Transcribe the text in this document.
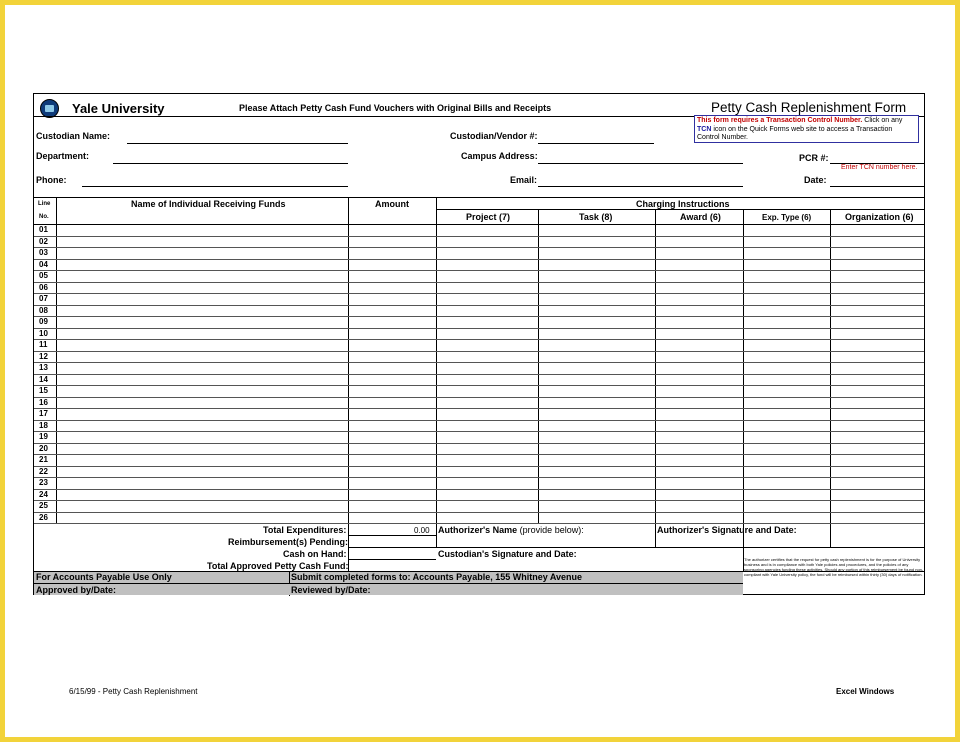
Yale University	Please Attach Petty Cash Fund Vouchers with Original Bills and Receipts	Petty Cash Replenishment Form
This form requires a Transaction Control Number. Click on any TCN icon on the Quick Forms web site to access a Transaction Control Number.
Custodian Name:	Custodian/Vendor #:
Department:	Campus Address:	PCR #:
Enter TCN number here.
Phone:	Email:	Date:
Line
No.
Name of Individual Receiving Funds	Amount	Charging Instructions
Project (7)	Task (8)	Award (6)	Exp. Type (6)	Organization (6)
01
02
03
04
05
06
07
08
09
10
11
12
13
14
15
16
17
18
19
20
21
22
23
24
25
26
Total Expenditures:	0.00
Reimbursement(s) Pending:
Cash on Hand:
Total Approved Petty Cash Fund:
Authorizer's Name (provide below):	Authorizer's Signature and Date:
Custodian's Signature and Date:
The authorizer certifies that the request for petty cash replenishment is for the purpose of University business and is in compliance with both Yale policies and procedures, and the policies of any sponsoring agencies funding these activities. Should any portion of this reimbursement be found non-compliant with Yale University policy, the fund will be reimbursed within thirty (30) days of notification.
For Accounts Payable Use Only	Submit completed forms to: Accounts Payable, 155 Whitney Avenue
Approved by/Date:	Reviewed by/Date:
6/15/99 - Petty Cash Replenishment	Excel Windows
